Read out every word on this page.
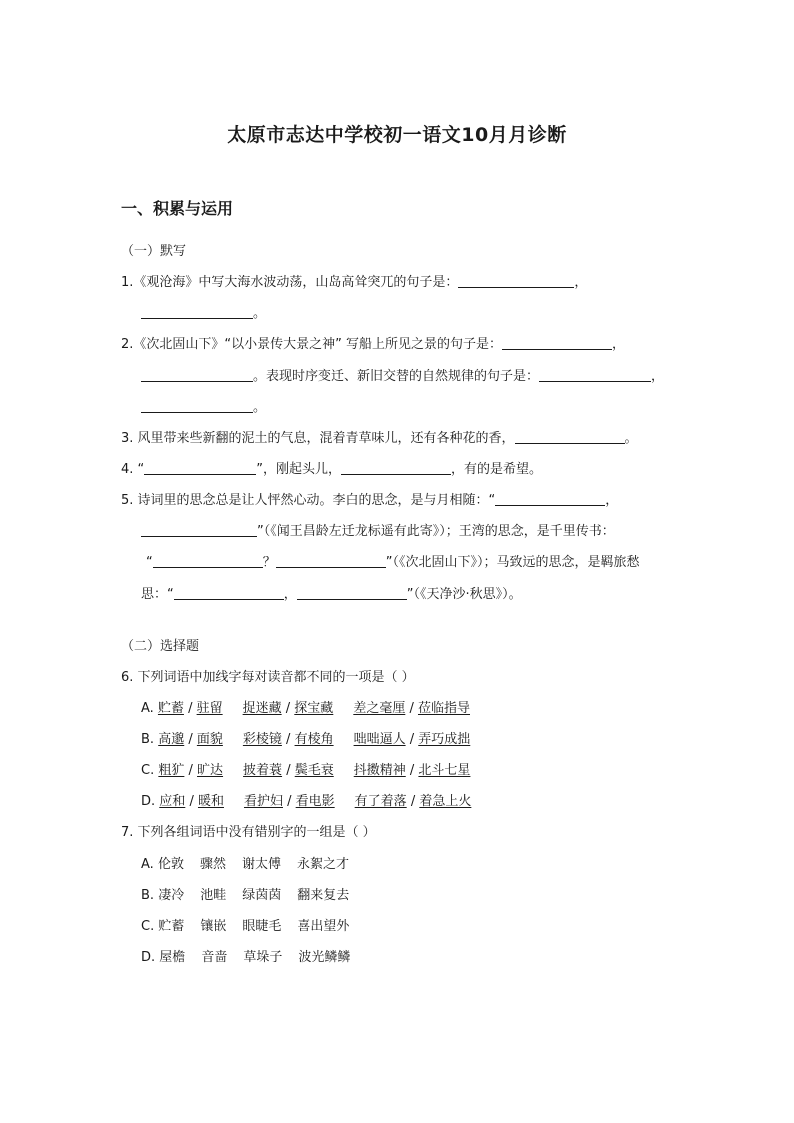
太原市志达中学校初一语文10月月诊断
一、积累与运用
（一）默写
1.《观沧海》中写大海水波动荡，山岛高耸突兀的句子是：	，
。
2.《次北固山下》“以小景传大景之神” 写船上所见之景的句子是：	，
。表现时序变迁、新旧交替的自然规律的句子是：	，
。
3. 风里带来些新翻的泥土的气息，混着青草味儿，还有各种花的香，	。
4. “	”，刚起头儿，	，有的是希望。
5. 诗词里的思念总是让人怦然心动。李白的思念，是与月相随：“	，
”（《闻王昌龄左迁龙标遥有此寄》）；王湾的思念，是千里传书：
“	？	”（《次北固山下》）；马致远的思念，是羁旅愁
思：“	，	”（《天净沙·秋思》）。
（二）选择题
6. 下列词语中加线字每对读音都不同的一项是（ ）
A. 贮蓄 / 驻留 捉迷藏 / 探宝藏 差之毫厘 / 莅临指导
B. 高邈 / 面貌 彩棱镜 / 有棱角 咄咄逼人 / 弄巧成拙
C. 粗犷 / 旷达 披着蓑 / 鬓毛衰 抖擞精神 / 北斗七星
D. 应和 / 暖和 看护妇 / 看电影 有了着落 / 着急上火
7. 下列各组词语中没有错别字的一组是（ ）
A. 伦敦 骤然 谢太傅 永絮之才
B. 凄冷 池畦 绿茵茵 翻来复去
C. 贮蓄 镶嵌 眼睫毛 喜出望外
D. 屋檐 音啬 草垛子 波光鳞鳞
